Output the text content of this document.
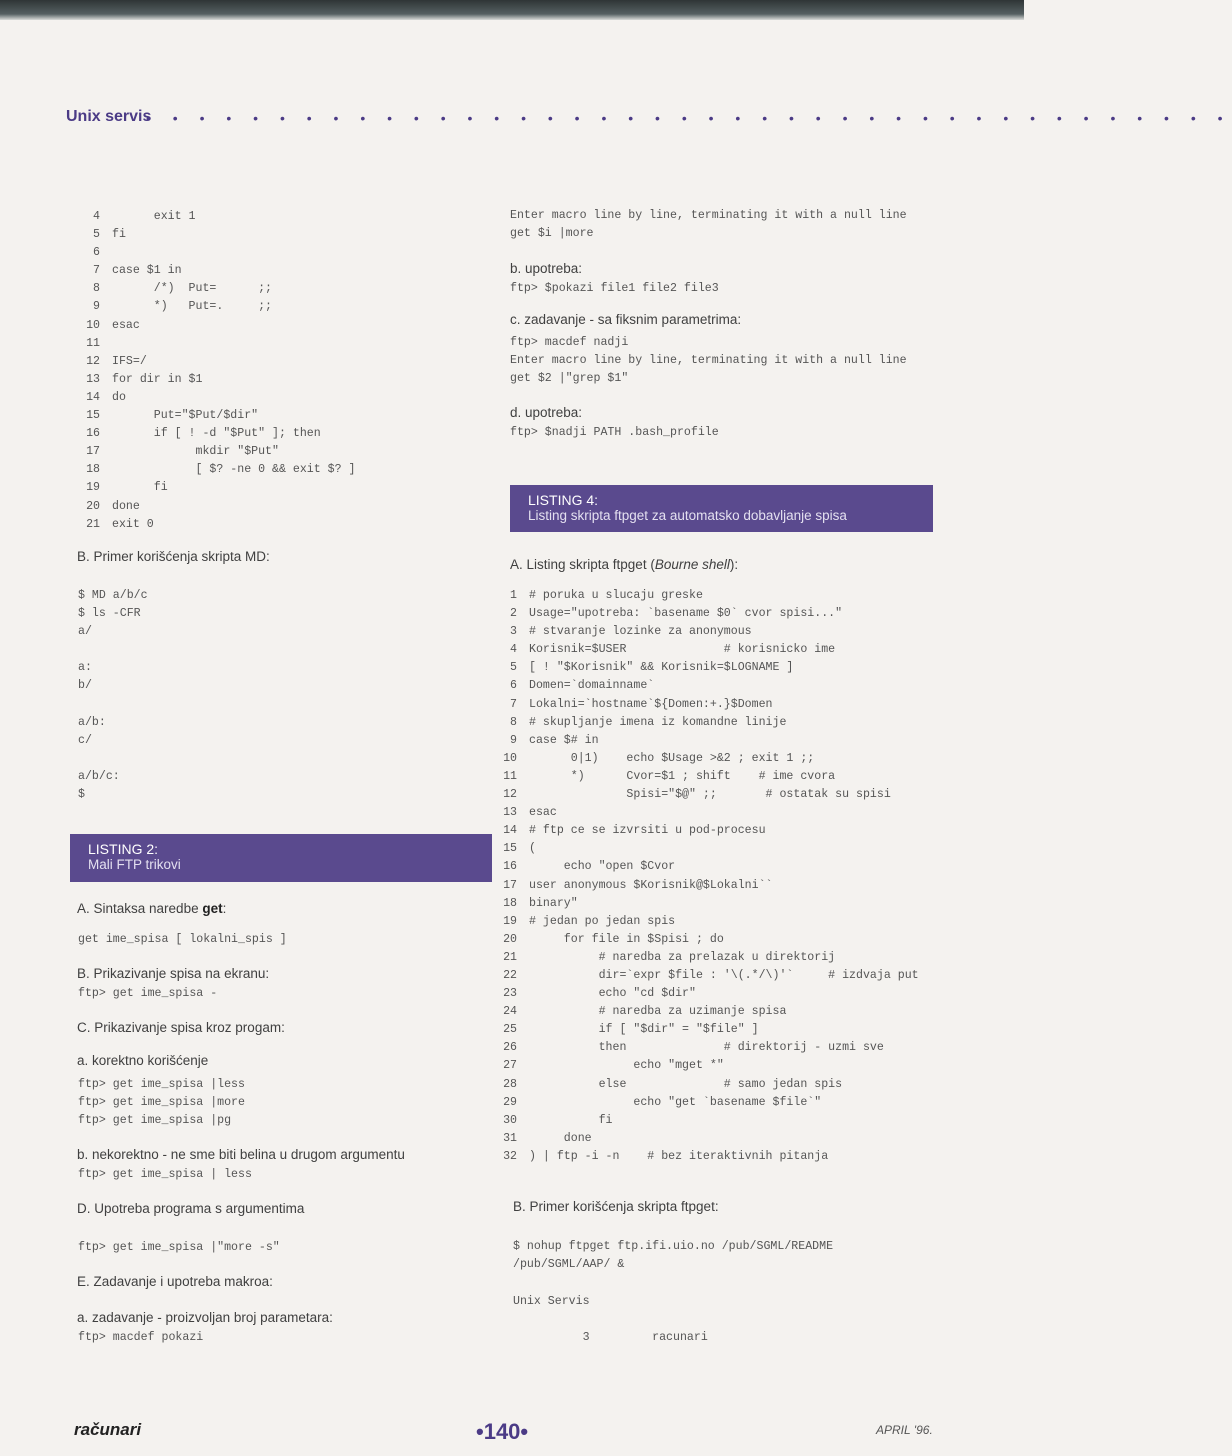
Unix servis
• • • • • • • • • • • • • • • • • • • • • • • • • • • • • • • • • • • • • • • • •
4      exit 1
5 fi
6
7 case $1 in
8      /*)  Put=      ;;
9      *)   Put=.     ;;
10 esac
11
12 IFS=/
13 for dir in $1
14 do
15      Put="$Put/$dir"
16      if [ ! -d "$Put" ]; then
17            mkdir "$Put"
18            [ $? -ne 0 && exit $? ]
19      fi
20 done
21 exit 0

B. Primer korišćenja skripta MD:

$ MD a/b/c
$ ls -CFR
a/

a:
b/

a/b:
c/

a/b/c:
$
LISTING 2:
Mali FTP trikovi

A. Sintaksa naredbe get:

get ime_spisa [ lokalni_spis ]

B. Prikazivanje spisa na ekranu:

ftp> get ime_spisa -

C. Prikazivanje spisa kroz progam:

a. korektno korišćenje

ftp> get ime_spisa |less
ftp> get ime_spisa |more
ftp> get ime_spisa |pg

b. nekorektno - ne sme biti belina u drugom argumentu

ftp> get ime_spisa | less

D. Upotreba programa s argumentima

ftp> get ime_spisa |"more -s"

E. Zadavanje i upotreba makroa:

a. zadavanje - proizvoljan broj parametara:

ftp> macdef pokazi
Enter macro line by line, terminating it with a null line
get $i |more

b. upotreba:

ftp> $pokazi file1 file2 file3

c. zadavanje - sa fiksnim parametrima:

ftp> macdef nadji
Enter macro line by line, terminating it with a null line
get $2 |"grep $1"

d. upotreba:

ftp> $nadji PATH .bash_profile
LISTING 4:
Listing skripta ftpget za automatsko dobavljanje spisa

A. Listing skripta ftpget (Bourne shell):

1 # poruka u slucaju greske
2 Usage="upotreba: `basename $0` cvor spisi..."
3 # stvaranje lozinke za anonymous
4 Korisnik=$USER              # korisnicko ime
5 [ ! "$Korisnik" && Korisnik=$LOGNAME ]
6 Domen=`domainname`
7 Lokalni=`hostname`${Domen:+.}$Domen
8 # skupljanje imena iz komandne linije
9 case $# in
10      0|1)    echo $Usage >&2 ; exit 1 ;;
11      *)      Cvor=$1 ; shift    # ime cvora
12              Spisi="$@" ;;       # ostatak su spisi
13 esac
14 # ftp ce se izvrsiti u pod-procesu
15 (
16     echo "open $Cvor
17 user anonymous $Korisnik@$Lokalni``
18 binary"
19 # jedan po jedan spis
20     for file in $Spisi ; do
21          # naredba za prelazak u direktorij
22          dir=`expr $file : '\(.*/\)'`     # izdvaja put
23          echo "cd $dir"
24          # naredba za uzimanje spisa
25          if [ "$dir" = "$file" ]
26          then              # direktorij - uzmi sve
27               echo "mget *"
28          else              # samo jedan spis
29               echo "get `basename $file`"
30          fi
31     done
32 ) | ftp -i -n    # bez iteraktivnih pitanja

B. Primer korišćenja skripta ftpget:

$ nohup ftpget ftp.ifi.uio.no /pub/SGML/README
/pub/SGML/AAP/ &
Unix Servis
3         racunari
računari	•140•	APRIL '96.
